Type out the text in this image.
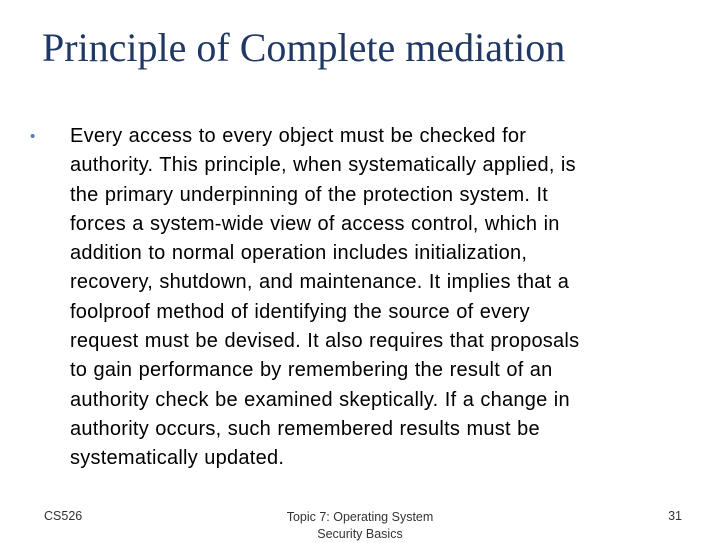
Principle of Complete mediation
•	Every access to every object must be checked for
authority. This principle, when systematically applied, is
the primary underpinning of the protection system. It
forces a system-wide view of access control, which in
addition to normal operation includes initialization,
recovery, shutdown, and maintenance. It implies that a
foolproof method of identifying the source of every
request must be devised. It also requires that proposals
to gain performance by remembering the result of an
authority check be examined skeptically. If a change in
authority occurs, such remembered results must be
systematically updated.
CS526	Topic 7: Operating System
Security Basics
31
